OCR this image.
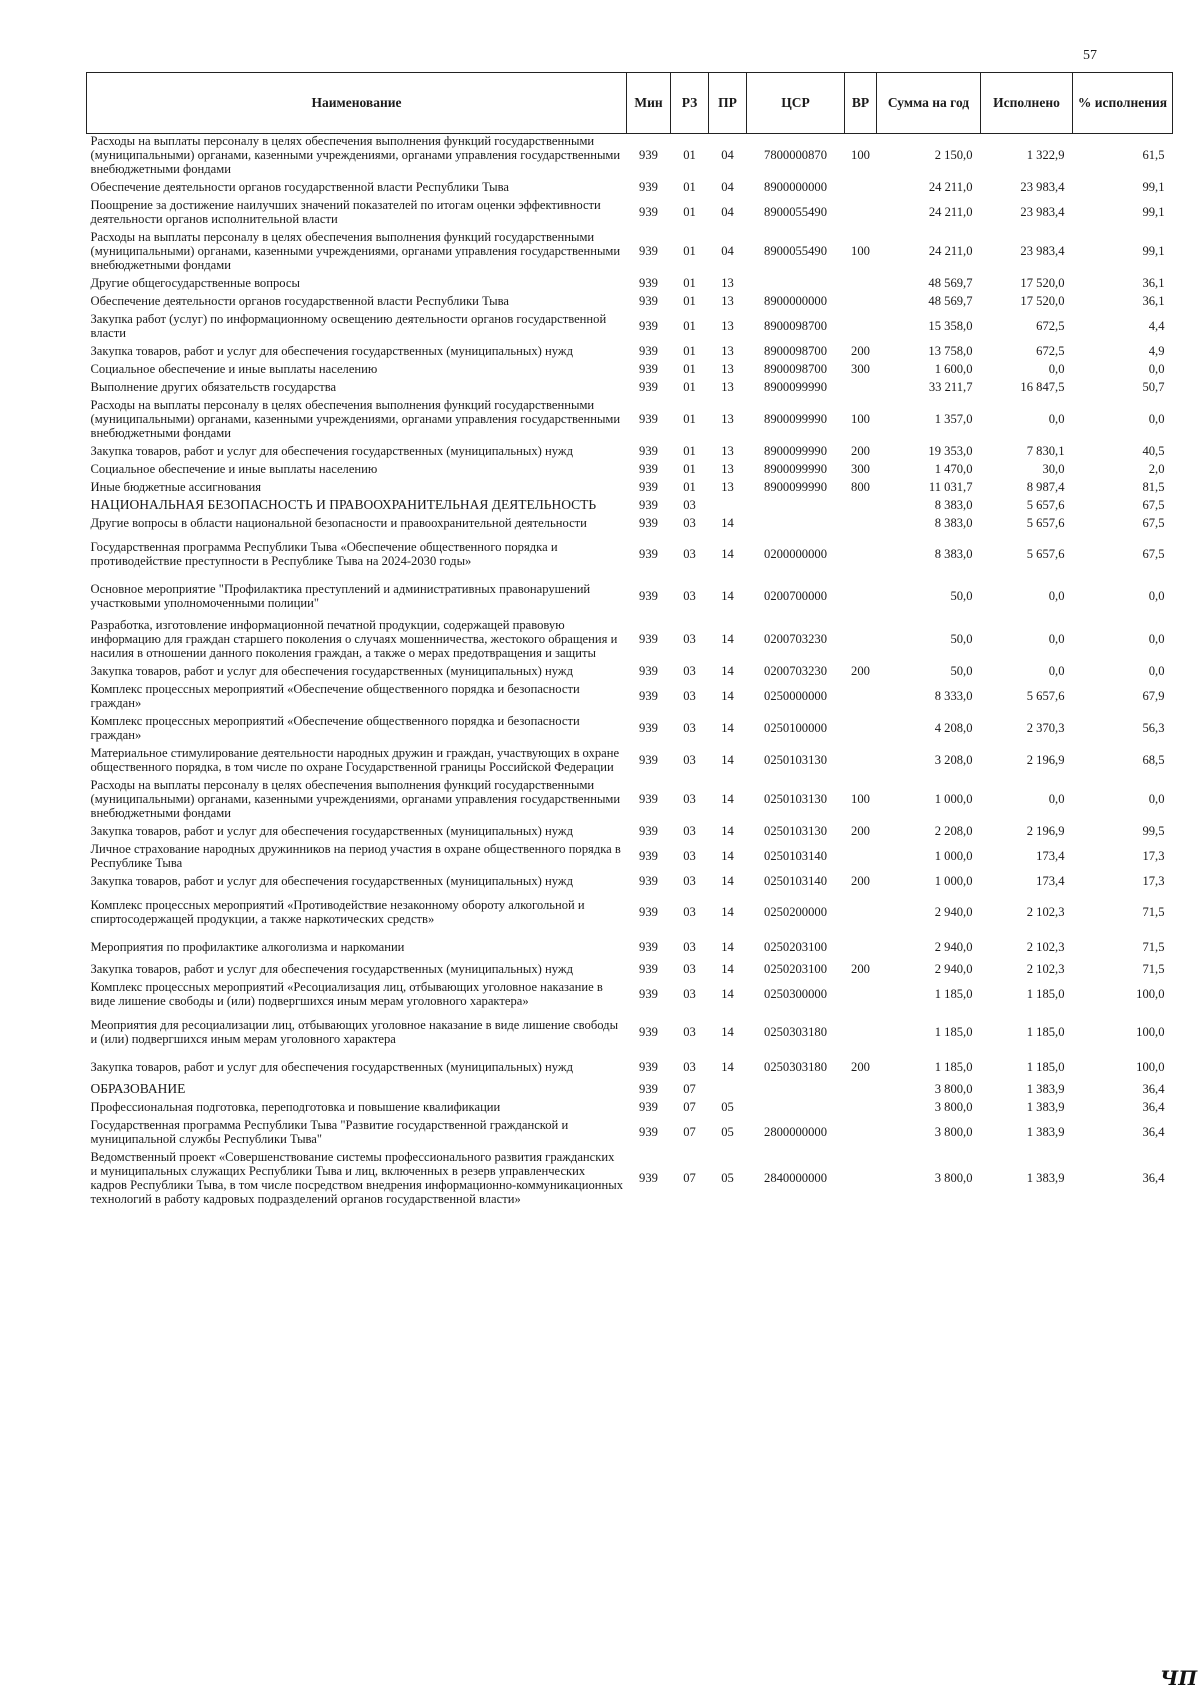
57
Наименование	Мин	РЗ	ПР	ЦСР	ВР	Сумма на год	Исполнено	% исполнения
Расходы на выплаты персоналу в целях обеспечения выполнения функций государственными (муниципальными) органами, казенными учреждениями, органами управления государственными внебюджетными фондами	939	01	04	7800000870	100	2 150,0	1 322,9	61,5
Обеспечение деятельности органов государственной власти Республики Тыва	939	01	04	8900000000		24 211,0	23 983,4	99,1
Поощрение за достижение наилучших значений показателей по итогам оценки эффективности деятельности органов исполнительной власти	939	01	04	8900055490		24 211,0	23 983,4	99,1
Расходы на выплаты персоналу в целях обеспечения выполнения функций государственными (муниципальными) органами, казенными учреждениями, органами управления государственными внебюджетными фондами	939	01	04	8900055490	100	24 211,0	23 983,4	99,1
Другие общегосударственные вопросы	939	01	13			48 569,7	17 520,0	36,1
Обеспечение деятельности органов государственной власти Республики Тыва	939	01	13	8900000000		48 569,7	17 520,0	36,1
Закупка работ (услуг) по информационному освещению деятельности органов государственной власти	939	01	13	8900098700		15 358,0	672,5	4,4
Закупка товаров, работ и услуг для обеспечения государственных (муниципальных) нужд	939	01	13	8900098700	200	13 758,0	672,5	4,9
Социальное обеспечение и иные выплаты населению	939	01	13	8900098700	300	1 600,0	0,0	0,0
Выполнение других обязательств государства	939	01	13	8900099990		33 211,7	16 847,5	50,7
Расходы на выплаты персоналу в целях обеспечения выполнения функций государственными (муниципальными) органами, казенными учреждениями, органами управления государственными внебюджетными фондами	939	01	13	8900099990	100	1 357,0	0,0	0,0
Закупка товаров, работ и услуг для обеспечения государственных (муниципальных) нужд	939	01	13	8900099990	200	19 353,0	7 830,1	40,5
Социальное обеспечение и иные выплаты населению	939	01	13	8900099990	300	1 470,0	30,0	2,0
Иные бюджетные ассигнования	939	01	13	8900099990	800	11 031,7	8 987,4	81,5
НАЦИОНАЛЬНАЯ БЕЗОПАСНОСТЬ И ПРАВООХРАНИТЕЛЬНАЯ ДЕЯТЕЛЬНОСТЬ	939	03				8 383,0	5 657,6	67,5
Другие вопросы в области национальной безопасности и правоохранительной деятельности	939	03	14			8 383,0	5 657,6	67,5
Государственная программа Республики Тыва «Обеспечение общественного порядка и противодействие преступности в Республике Тыва на 2024-2030 годы»	939	03	14	0200000000		8 383,0	5 657,6	67,5
Основное мероприятие "Профилактика преступлений и административных правонарушений участковыми уполномоченными полиции"	939	03	14	0200700000		50,0	0,0	0,0
Разработка, изготовление информационной печатной продукции, содержащей правовую информацию для граждан старшего поколения о случаях мошенничества, жестокого обращения и насилия в отношении данного поколения граждан, а также о мерах предотвращения и защиты	939	03	14	0200703230		50,0	0,0	0,0
Закупка товаров, работ и услуг для обеспечения государственных (муниципальных) нужд	939	03	14	0200703230	200	50,0	0,0	0,0
Комплекс процессных мероприятий «Обеспечение общественного порядка и безопасности граждан»	939	03	14	0250000000		8 333,0	5 657,6	67,9
Комплекс процессных мероприятий «Обеспечение общественного порядка и безопасности граждан»	939	03	14	0250100000		4 208,0	2 370,3	56,3
Материальное стимулирование деятельности народных дружин и граждан, участвующих в охране общественного порядка, в том числе по охране Государственной границы Российской Федерации	939	03	14	0250103130		3 208,0	2 196,9	68,5
Расходы на выплаты персоналу в целях обеспечения выполнения функций государственными (муниципальными) органами, казенными учреждениями, органами управления государственными внебюджетными фондами	939	03	14	0250103130	100	1 000,0	0,0	0,0
Закупка товаров, работ и услуг для обеспечения государственных (муниципальных) нужд	939	03	14	0250103130	200	2 208,0	2 196,9	99,5
Личное страхование народных дружинников на период участия в охране общественного порядка в Республике Тыва	939	03	14	0250103140		1 000,0	173,4	17,3
Закупка товаров, работ и услуг для обеспечения государственных (муниципальных) нужд	939	03	14	0250103140	200	1 000,0	173,4	17,3
Комплекс процессных мероприятий «Противодействие незаконному обороту алкогольной и спиртосодержащей продукции, а также наркотических средств»	939	03	14	0250200000		2 940,0	2 102,3	71,5
Мероприятия по профилактике алкоголизма и наркомании	939	03	14	0250203100		2 940,0	2 102,3	71,5
Закупка товаров, работ и услуг для обеспечения государственных (муниципальных) нужд	939	03	14	0250203100	200	2 940,0	2 102,3	71,5
Комплекс процессных мероприятий «Ресоциализация лиц, отбывающих уголовное наказание в виде лишение свободы и (или) подвергшихся иным мерам уголовного характера»	939	03	14	0250300000		1 185,0	1 185,0	100,0
Меоприятия для ресоциализации лиц, отбывающих уголовное наказание в виде лишение свободы и (или) подвергшихся иным мерам уголовного характера	939	03	14	0250303180		1 185,0	1 185,0	100,0
Закупка товаров, работ и услуг для обеспечения государственных (муниципальных) нужд	939	03	14	0250303180	200	1 185,0	1 185,0	100,0
ОБРАЗОВАНИЕ	939	07				3 800,0	1 383,9	36,4
Профессиональная подготовка, переподготовка и повышение квалификации	939	07	05			3 800,0	1 383,9	36,4
Государственная программа Республики Тыва "Развитие государственной гражданской и муниципальной службы Республики Тыва"	939	07	05	2800000000		3 800,0	1 383,9	36,4
Ведомственный проект «Совершенствование системы профессионального развития гражданских и муниципальных служащих Республики Тыва и лиц, включенных в резерв управленческих кадров Республики Тыва, в том числе посредством внедрения информационно-коммуникационных технологий в работу кадровых подразделений органов государственной власти»	939	07	05	2840000000		3 800,0	1 383,9	36,4
ЧП
